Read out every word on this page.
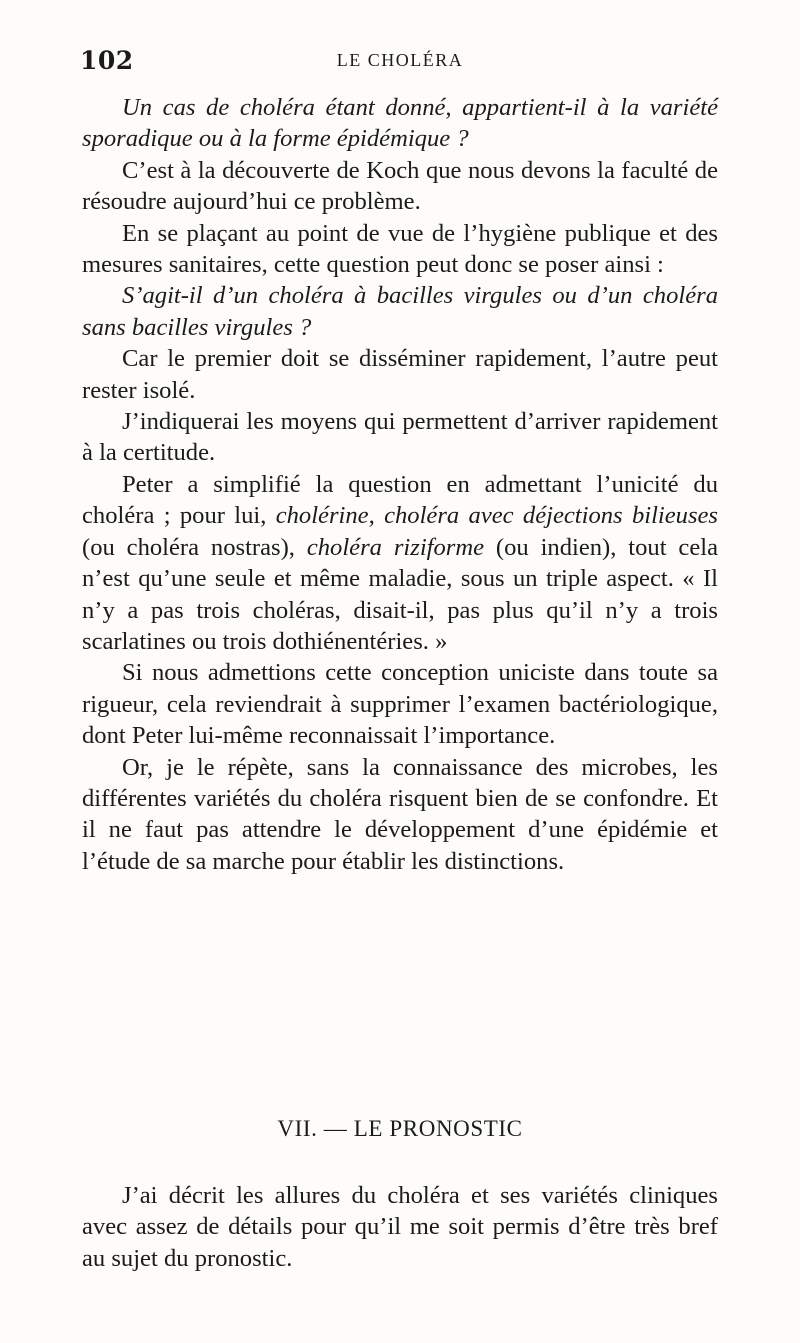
102	LE CHOLÉRA

Un cas de choléra étant donné, appartient-il à la variété sporadique ou à la forme épidémique ?

C’est à la découverte de Koch que nous devons la faculté de résoudre aujourd’hui ce problème.

En se plaçant au point de vue de l’hygiène publique et des mesures sanitaires, cette question peut donc se poser ainsi :

S’agit-il d’un choléra à bacilles virgules ou d’un choléra sans bacilles virgules ?

Car le premier doit se disséminer rapidement, l’autre peut rester isolé.

J’indiquerai les moyens qui permettent d’arriver rapidement à la certitude.

Peter a simplifié la question en admettant l’unicité du choléra ; pour lui, cholérine, choléra avec déjections bilieuses (ou choléra nostras), choléra riziforme (ou indien), tout cela n’est qu’une seule et même maladie, sous un triple aspect. « Il n’y a pas trois choléras, disait-il, pas plus qu’il n’y a trois scarlatines ou trois dothiénentéries. »

Si nous admettions cette conception uniciste dans toute sa rigueur, cela reviendrait à supprimer l’examen bactériologique, dont Peter lui-même reconnaissait l’importance.

Or, je le répète, sans la connaissance des microbes, les différentes variétés du choléra risquent bien de se confondre. Et il ne faut pas attendre le développement d’une épidémie et l’étude de sa marche pour établir les distinctions.

VII. — LE PRONOSTIC

J’ai décrit les allures du choléra et ses variétés cliniques avec assez de détails pour qu’il me soit permis d’être très bref au sujet du pronostic.
